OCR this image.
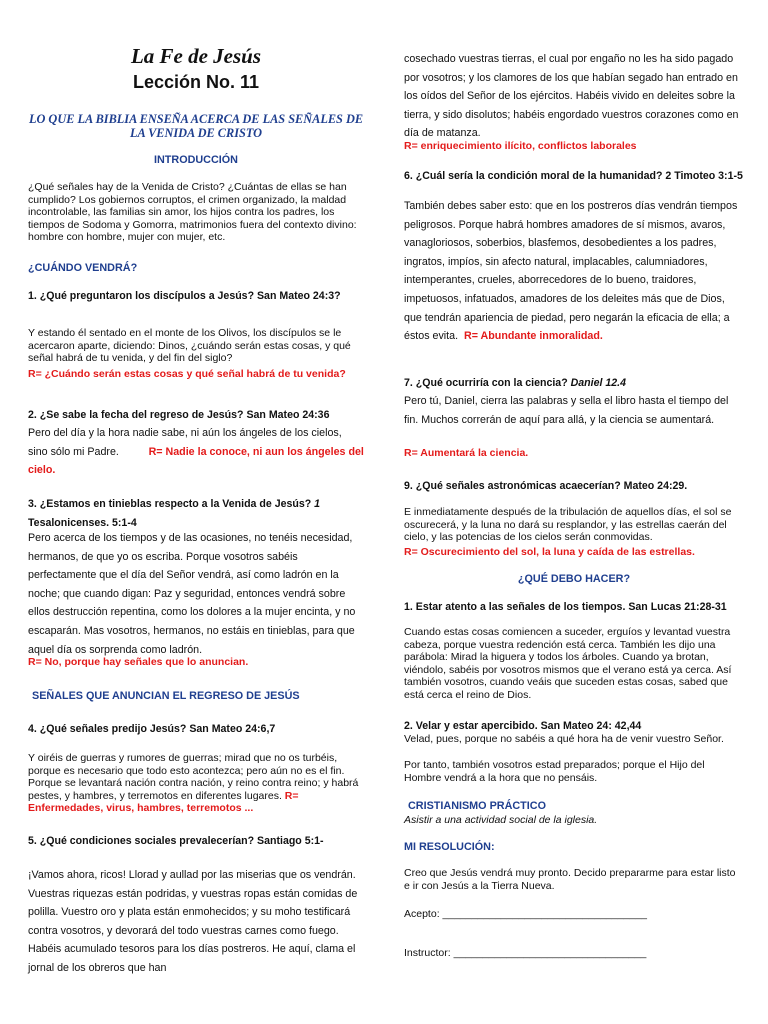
La Fe de Jesús
Lección No. 11
LO QUE LA BIBLIA ENSEÑA ACERCA DE LAS SEÑALES DE
LA VENIDA DE CRISTO
INTRODUCCIÓN

¿Qué señales hay de la Venida de Cristo? ¿Cuántas de ellas se han cumplido? Los gobiernos corruptos, el crimen organizado, la maldad incontrolable, las familias sin amor, los hijos contra los padres, los tiempos de Sodoma y Gomorra, matrimonios fuera del contexto divino: hombre con hombre, mujer con mujer, etc.

¿CUÁNDO VENDRÁ?

1. ¿Qué preguntaron los discípulos a Jesús? San Mateo 24:3?

Y estando él sentado en el monte de los Olivos, los discípulos se le acercaron aparte, diciendo: Dinos, ¿cuándo serán estas cosas, y qué señal habrá de tu venida, y del fin del siglo?

R= ¿Cuándo serán estas cosas y qué señal habrá de tu venida?

2. ¿Se sabe la fecha del regreso de Jesús? San Mateo 24:36

Pero del día y la hora nadie sabe, ni aún los ángeles de los cielos, sino sólo mi Padre.	R= Nadie la conoce, ni aun los ángeles del cielo.

3. ¿Estamos en tinieblas respecto a la Venida de Jesús? 1 Tesalonicenses. 5:1-4

Pero acerca de los tiempos y de las ocasiones, no tenéis necesidad, hermanos, de que yo os escriba. Porque vosotros sabéis perfectamente que el día del Señor vendrá, así como ladrón en la noche; que cuando digan: Paz y seguridad, entonces vendrá sobre ellos destrucción repentina, como los dolores a la mujer encinta, y no escaparán. Mas vosotros, hermanos, no estáis en tinieblas, para que aquel día os sorprenda como ladrón.

R= No, porque hay señales que lo anuncian.

SEÑALES QUE ANUNCIAN EL REGRESO DE JESÚS

4. ¿Qué señales predijo Jesús? San Mateo 24:6,7

Y oiréis de guerras y rumores de guerras; mirad que no os turbéis, porque es necesario que todo esto acontezca; pero aún no es el fin. Porque se levantará nación contra nación, y reino contra reino; y habrá pestes, y hambres, y terremotos en diferentes lugares. R= Enfermedades, virus, hambres, terremotos ...

5. ¿Qué condiciones sociales prevalecerían? Santiago 5:1-

¡Vamos ahora, ricos! Llorad y aullad por las miserias que os vendrán. Vuestras riquezas están podridas, y vuestras ropas están comidas de polilla. Vuestro oro y plata están enmohecidos; y su moho testificará contra vosotros, y devorará del todo vuestras carnes como fuego. Habéis acumulado tesoros para los días postreros. He aquí, clama el jornal de los obreros que han

cosechado vuestras tierras, el cual por engaño no les ha sido pagado por vosotros; y los clamores de los que habían segado han entrado en los oídos del Señor de los ejércitos. Habéis vivido en deleites sobre la tierra, y sido disolutos; habéis engordado vuestros corazones como en día de matanza.

R= enriquecimiento ilícito, conflictos laborales

6. ¿Cuál sería la condición moral de la humanidad? 2 Timoteo 3:1-5

También debes saber esto: que en los postreros días vendrán tiempos peligrosos. Porque habrá hombres amadores de sí mismos, avaros, vanagloriosos, soberbios, blasfemos, desobedientes a los padres, ingratos, impíos, sin afecto natural, implacables, calumniadores, intemperantes, crueles, aborrecedores de lo bueno, traidores, impetuosos, infatuados, amadores de los deleites más que de Dios, que tendrán apariencia de piedad, pero negarán la eficacia de ella; a éstos evita. R= Abundante inmoralidad.

7. ¿Qué ocurriría con la ciencia? Daniel 12.4

Pero tú, Daniel, cierra las palabras y sella el libro hasta el tiempo del fin. Muchos correrán de aquí para allá, y la ciencia se aumentará.

R= Aumentará la ciencia.

9. ¿Qué señales astronómicas acaecerían? Mateo 24:29.

E inmediatamente después de la tribulación de aquellos días, el sol se oscurecerá, y la luna no dará su resplandor, y las estrellas caerán del cielo, y las potencias de los cielos serán conmovidas.

R= Oscurecimiento del sol, la luna y caída de las estrellas.

¿QUÉ DEBO HACER?

1. Estar atento a las señales de los tiempos. San Lucas 21:28-31

Cuando estas cosas comiencen a suceder, erguíos y levantad vuestra cabeza, porque vuestra redención está cerca. También les dijo una parábola: Mirad la higuera y todos los árboles. Cuando ya brotan, viéndolo, sabéis por vosotros mismos que el verano está ya cerca. Así también vosotros, cuando veáis que suceden estas cosas, sabed que está cerca el reino de Dios.

2. Velar y estar apercibido. San Mateo 24: 42,44

Velad, pues, porque no sabéis a qué hora ha de venir vuestro Señor.

Por tanto, también vosotros estad preparados; porque el Hijo del Hombre vendrá a la hora que no pensáis.

CRISTIANISMO PRÁCTICO

Asistir a una actividad social de la iglesia.

MI RESOLUCIÓN:

Creo que Jesús vendrá muy pronto. Decido prepararme para estar listo e ir con Jesús a la Tierra Nueva.

Acepto: ___________________________________

Instructor: _________________________________
